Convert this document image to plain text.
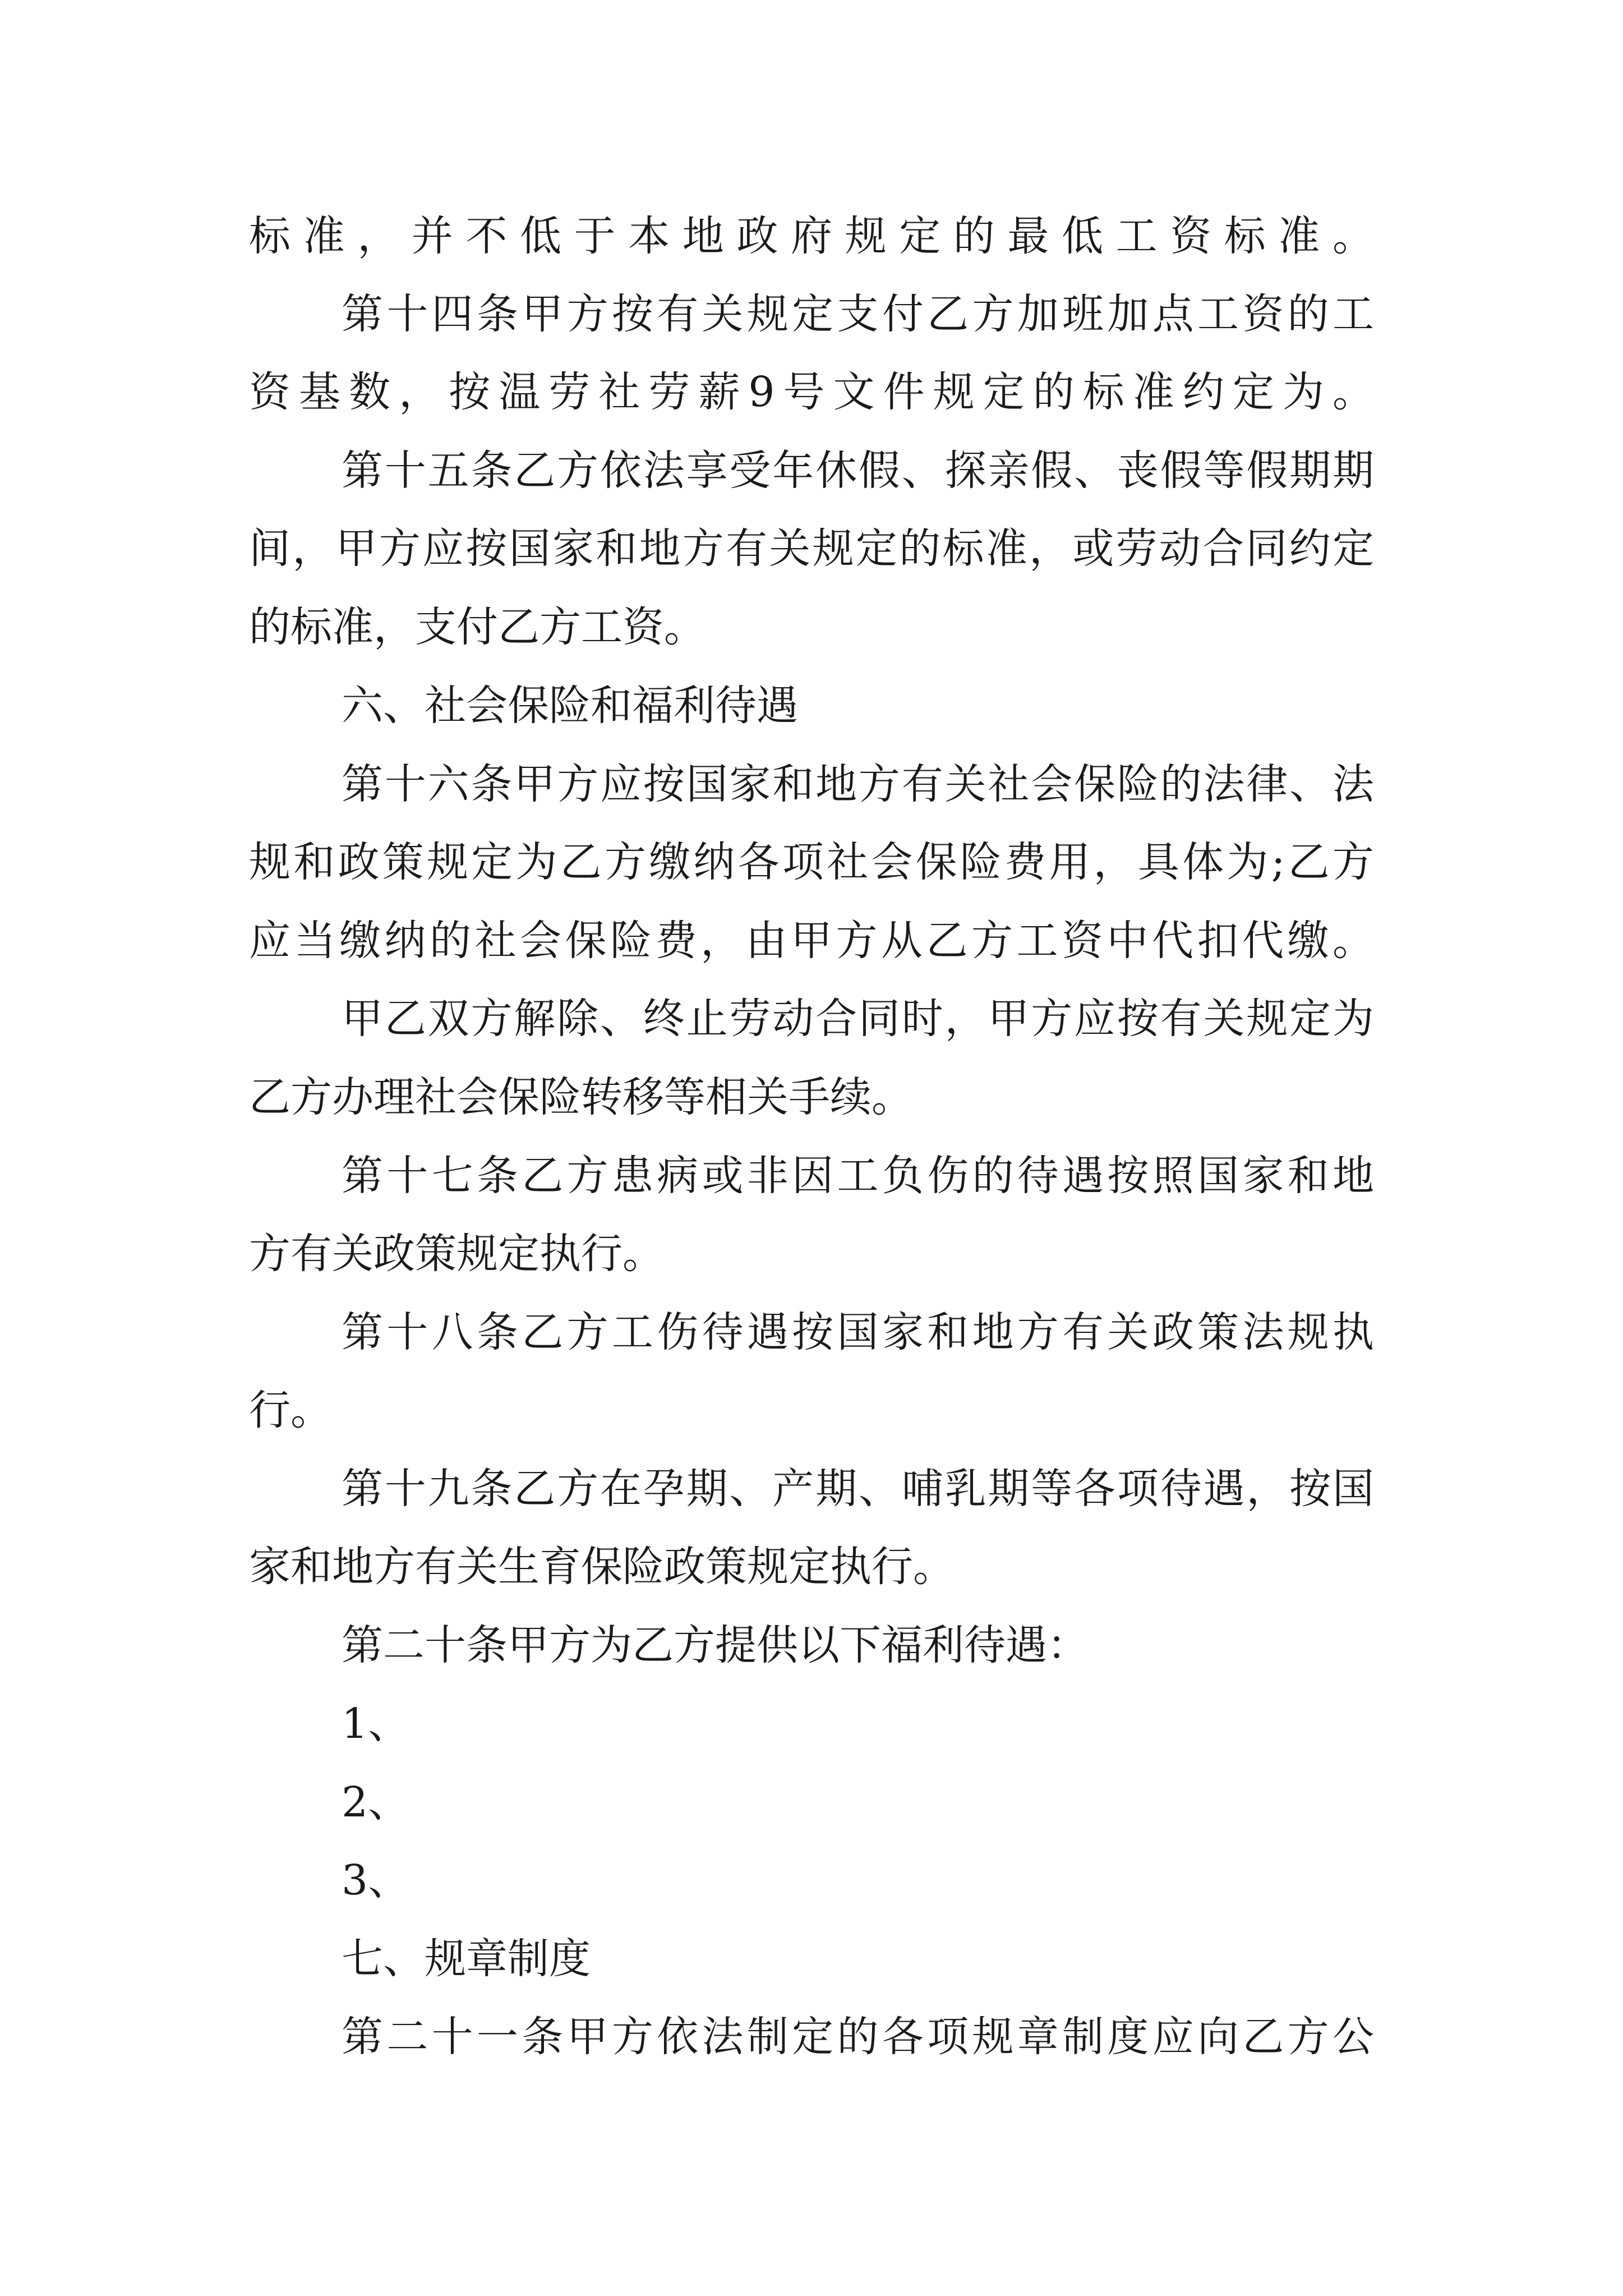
标准，并不低于本地政府规定的最低工资标准。
第十四条甲方按有关规定支付乙方加班加点工资的工
资基数，按温劳社劳薪9号文件规定的标准约定为。
第十五条乙方依法享受年休假、探亲假、丧假等假期期
间，甲方应按国家和地方有关规定的标准，或劳动合同约定
的标准，支付乙方工资。
六、社会保险和福利待遇
第十六条甲方应按国家和地方有关社会保险的法律、法
规和政策规定为乙方缴纳各项社会保险费用，具体为;乙方
应当缴纳的社会保险费，由甲方从乙方工资中代扣代缴。
甲乙双方解除、终止劳动合同时，甲方应按有关规定为
乙方办理社会保险转移等相关手续。
第十七条乙方患病或非因工负伤的待遇按照国家和地
方有关政策规定执行。
第十八条乙方工伤待遇按国家和地方有关政策法规执
行。
第十九条乙方在孕期、产期、哺乳期等各项待遇，按国
家和地方有关生育保险政策规定执行。
第二十条甲方为乙方提供以下福利待遇：
1、
2、
3、
七、规章制度
第二十一条甲方依法制定的各项规章制度应向乙方公
